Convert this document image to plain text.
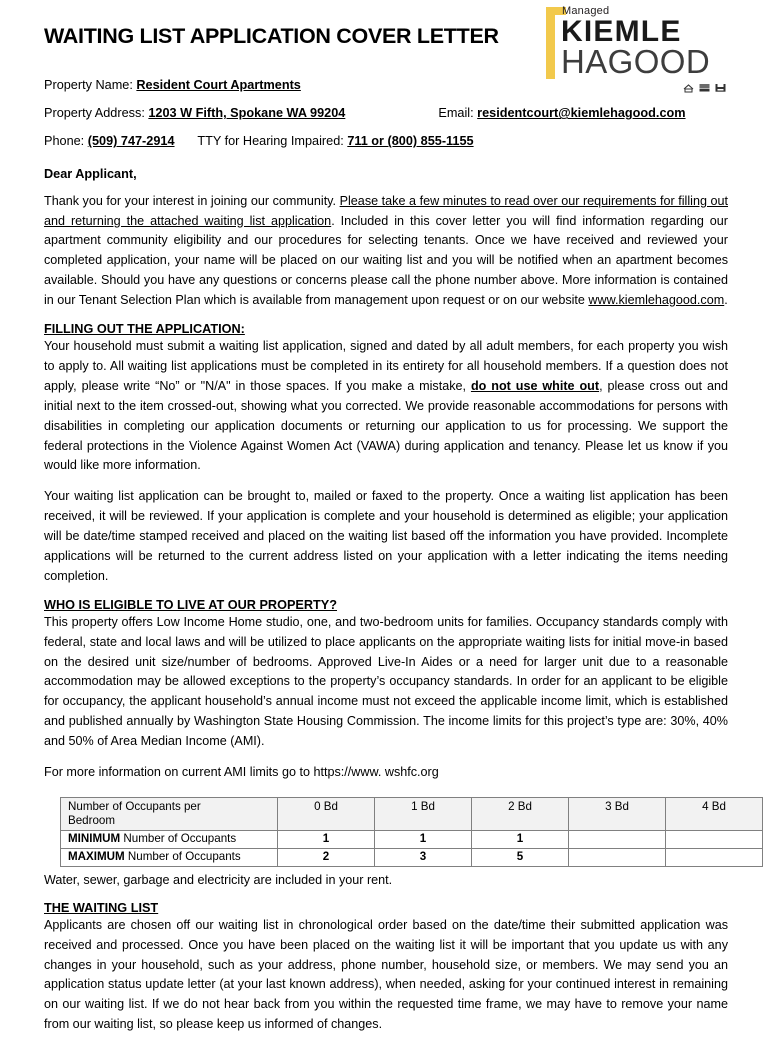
WAITING LIST APPLICATION COVER LETTER
Managed
KIEMLE
HAGOOD
Property Name: Resident Court Apartments
Property Address: 1203 W Fifth, Spokane WA 99204	Email: residentcourt@kiemlehagood.com
Phone: (509) 747-2914 TTY for Hearing Impaired: 711 or (800) 855-1155
Dear Applicant,

Thank you for your interest in joining our community. Please take a few minutes to read over our requirements for filling out and returning the attached waiting list application. Included in this cover letter you will find information regarding our apartment community eligibility and our procedures for selecting tenants. Once we have received and reviewed your completed application, your name will be placed on our waiting list and you will be notified when an apartment becomes available. Should you have any questions or concerns please call the phone number above. More information is contained in our Tenant Selection Plan which is available from management upon request or on our website www.kiemlehagood.com.

FILLING OUT THE APPLICATION:

Your household must submit a waiting list application, signed and dated by all adult members, for each property you wish to apply to. All waiting list applications must be completed in its entirety for all household members. If a question does not apply, please write “No” or "N/A" in those spaces. If you make a mistake, do not use white out, please cross out and initial next to the item crossed-out, showing what you corrected. We provide reasonable accommodations for persons with disabilities in completing our application documents or returning our application to us for processing. We support the federal protections in the Violence Against Women Act (VAWA) during application and tenancy. Please let us know if you would like more information.

Your waiting list application can be brought to, mailed or faxed to the property. Once a waiting list application has been received, it will be reviewed. If your application is complete and your household is determined as eligible; your application will be date/time stamped received and placed on the waiting list based off the information you have provided. Incomplete applications will be returned to the current address listed on your application with a letter indicating the items needing completion.

WHO IS ELIGIBLE TO LIVE AT OUR PROPERTY?

This property offers Low Income Home studio, one, and two-bedroom units for families. Occupancy standards comply with federal, state and local laws and will be utilized to place applicants on the appropriate waiting lists for initial move-in based on the desired unit size/number of bedrooms. Approved Live-In Aides or a need for larger unit due to a reasonable accommodation may be allowed exceptions to the property’s occupancy standards. In order for an applicant to be eligible for occupancy, the applicant household’s annual income must not exceed the applicable income limit, which is established and published annually by Washington State Housing Commission. The income limits for this project’s type are: 30%, 40% and 50% of Area Median Income (AMI).

For more information on current AMI limits go to https://www. wshfc.org

Number of Occupants per
Bedroom	0 Bd	1 Bd	2 Bd	3 Bd	4 Bd
MINIMUM Number of Occupants	1	1	1		
MAXIMUM Number of Occupants	2	3	5		
Water, sewer, garbage and electricity are included in your rent.
THE WAITING LIST

Applicants are chosen off our waiting list in chronological order based on the date/time their submitted application was received and processed. Once you have been placed on the waiting list it will be important that you update us with any changes in your household, such as your address, phone number, household size, or members. We may send you an application status update letter (at your last known address), when needed, asking for your continued interest in remaining on our waiting list. If we do not hear back from you within the requested time frame, we may have to remove your name from our waiting list, so please keep us informed of changes.
